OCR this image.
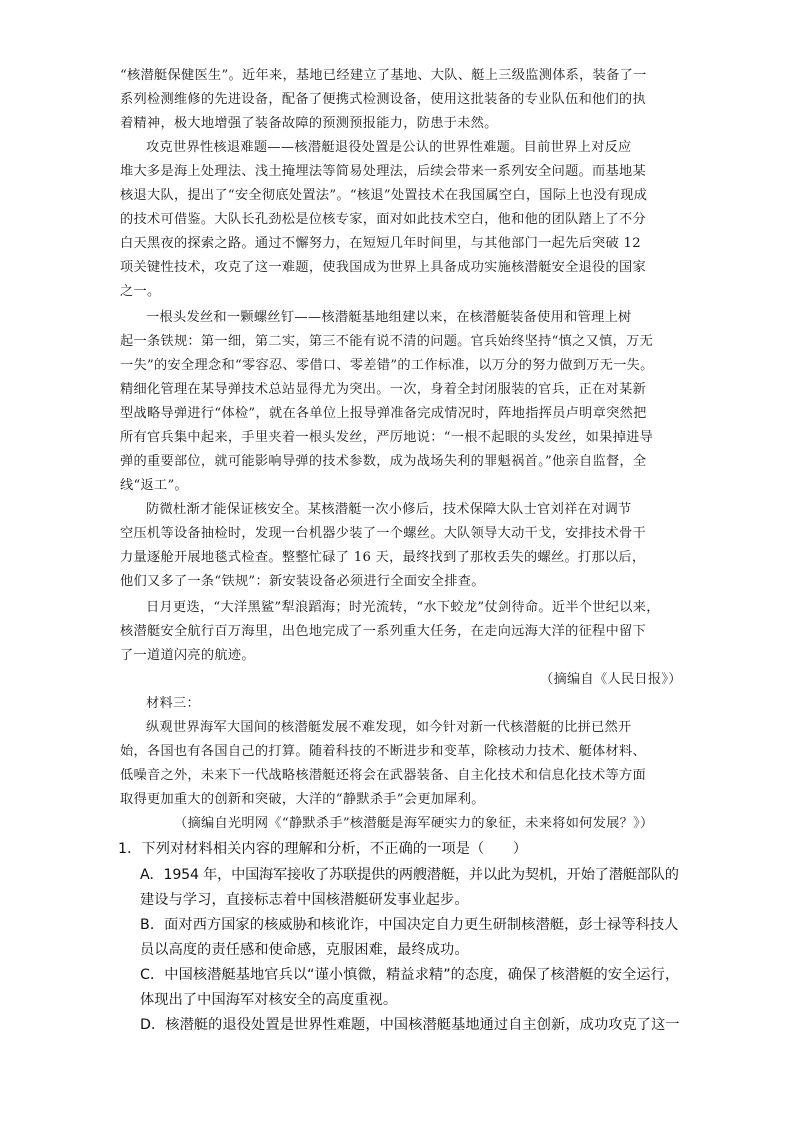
“核潜艇保健医生”。近年来，基地已经建立了基地、大队、艇上三级监测体系，装备了一
系列检测维修的先进设备，配备了便携式检测设备，使用这批装备的专业队伍和他们的执
着精神，极大地增强了装备故障的预测预报能力，防患于未然。
攻克世界性核退难题——核潜艇退役处置是公认的世界性难题。目前世界上对反应
堆大多是海上处理法、浅土掩埋法等简易处理法，后续会带来一系列安全问题。而基地某
核退大队，提出了“安全彻底处置法”。“核退”处置技术在我国属空白，国际上也没有现成
的技术可借鉴。大队长孔劲松是位核专家，面对如此技术空白，他和他的团队踏上了不分
白天黑夜的探索之路。通过不懈努力，在短短几年时间里，与其他部门一起先后突破 12
项关键性技术，攻克了这一难题，使我国成为世界上具备成功实施核潜艇安全退役的国家
之一。
一根头发丝和一颗螺丝钉——核潜艇基地组建以来，在核潜艇装备使用和管理上树
起一条铁规：第一细，第二实，第三不能有说不清的问题。官兵始终坚持“慎之又慎，万无
一失”的安全理念和“零容忍、零借口、零差错”的工作标准，以万分的努力做到万无一失。
精细化管理在某导弹技术总站显得尤为突出。一次，身着全封闭服装的官兵，正在对某新
型战略导弹进行“体检”，就在各单位上报导弹准备完成情况时，阵地指挥员卢明章突然把
所有官兵集中起来，手里夹着一根头发丝，严厉地说：“一根不起眼的头发丝，如果掉进导
弹的重要部位，就可能影响导弹的技术参数，成为战场失利的罪魁祸首。”他亲自监督，全
线“返工”。
防微杜渐才能保证核安全。某核潜艇一次小修后，技术保障大队士官刘祥在对调节
空压机等设备抽检时，发现一台机器少装了一个螺丝。大队领导大动干戈，安排技术骨干
力量逐舱开展地毯式检查。整整忙碌了 16 天，最终找到了那枚丢失的螺丝。打那以后，
他们又多了一条“铁规”：新安装设备必须进行全面安全排查。
日月更迭，“大洋黑鲨”犁浪蹈海；时光流转，“水下蛟龙”仗剑待命。近半个世纪以来，
核潜艇安全航行百万海里，出色地完成了一系列重大任务，在走向远海大洋的征程中留下
了一道道闪亮的航迹。
（摘编自《人民日报》）
材料三：
纵观世界海军大国间的核潜艇发展不难发现，如今针对新一代核潜艇的比拼已然开
始，各国也有各国自己的打算。随着科技的不断进步和变革，除核动力技术、艇体材料、
低噪音之外，未来下一代战略核潜艇还将会在武器装备、自主化技术和信息化技术等方面
取得更加重大的创新和突破，大洋的“静默杀手”会更加犀利。
（摘编自光明网《“静默杀手”核潜艇是海军硬实力的象征，未来将如何发展？》）
1．下列对材料相关内容的理解和分析，不正确的一项是（　　）
A．1954 年，中国海军接收了苏联提供的两艘潜艇，并以此为契机，开始了潜艇部队的
建设与学习，直接标志着中国核潜艇研发事业起步。
B．面对西方国家的核威胁和核讹诈，中国决定自力更生研制核潜艇，彭士禄等科技人
员以高度的责任感和使命感，克服困难，最终成功。
C．中国核潜艇基地官兵以“谨小慎微，精益求精”的态度，确保了核潜艇的安全运行，
体现出了中国海军对核安全的高度重视。
D．核潜艇的退役处置是世界性难题，中国核潜艇基地通过自主创新，成功攻克了这一
